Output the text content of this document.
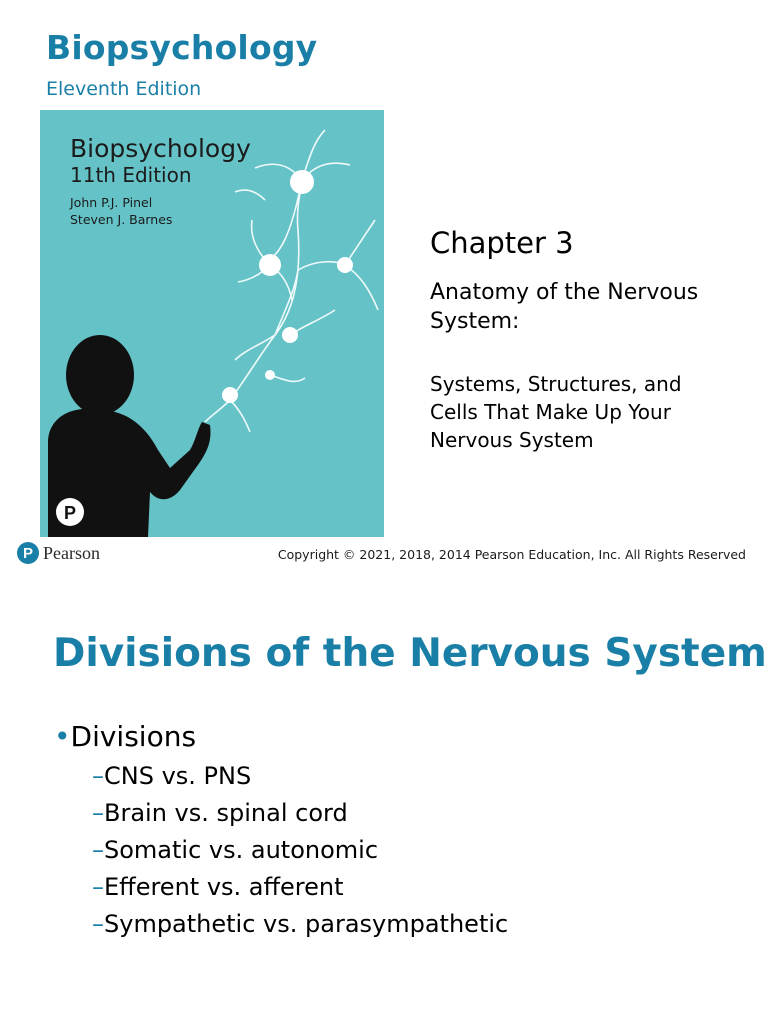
Biopsychology

Eleventh Edition

P
Biopsychology
11th Edition
John P.J. Pinel
Steven J. Barnes
Chapter 3

Anatomy of the Nervous System:

Systems, Structures, and Cells That Make Up Your Nervous System

P Pearson	Copyright © 2021, 2018, 2014 Pearson Education, Inc. All Rights Reserved

Divisions of the Nervous System
•Divisions
–CNS vs. PNS
–Brain vs. spinal cord
–Somatic vs. autonomic
–Efferent vs. afferent
–Sympathetic vs. parasympathetic
